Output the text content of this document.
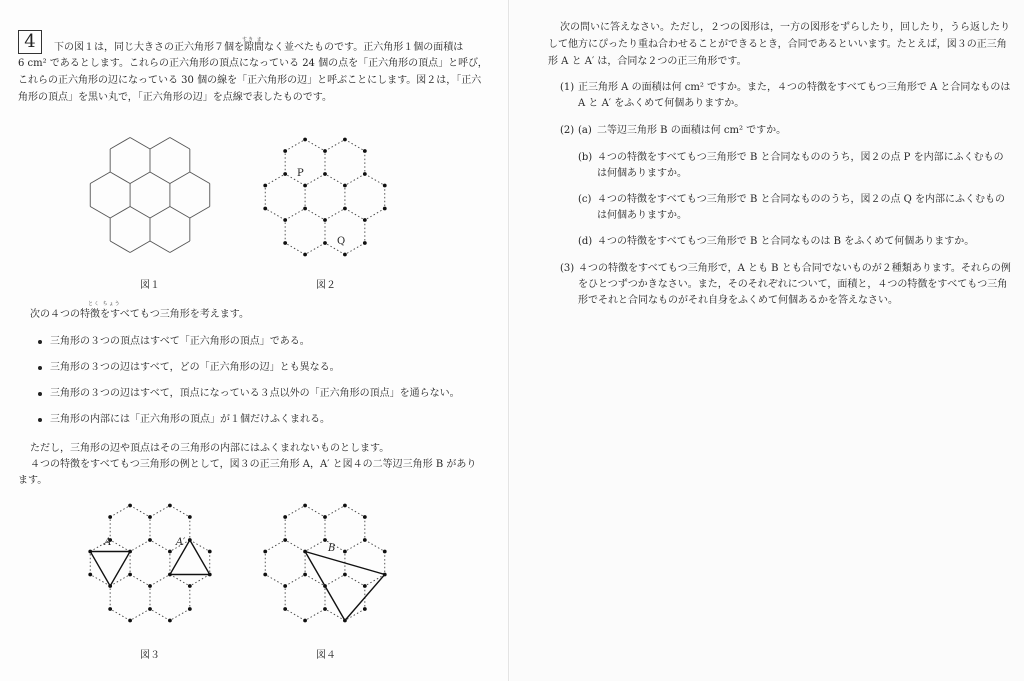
4	すき ま

下の図１は，同じ大きさの正六角形７個を隙間なく並べたものです。正六角形１個の面積は

6 cm² であるとします。これらの正六角形の頂点になっている 24 個の点を「正六角形の頂点」と呼び，

これらの正六角形の辺になっている 30 個の線を「正六角形の辺」と呼ぶことにします。図２は，「正六

角形の頂点」を黒い丸で，「正六角形の辺」を点線で表したものです。

P
Q
図１	図２
とく ちょう

次の４つの特徴をすべてもつ三角形を考えます。

三角形の３つの頂点はすべて「正六角形の頂点」である。

三角形の３つの辺はすべて，どの「正六角形の辺」とも異なる。

三角形の３つの辺はすべて，頂点になっている３点以外の「正六角形の頂点」を通らない。

三角形の内部には「正六角形の頂点」が１個だけふくまれる。

ただし，三角形の辺や頂点はその三角形の内部にはふくまれないものとします。

４つの特徴をすべてもつ三角形の例として，図３の正三角形 A，A′ と図４の二等辺三角形 B があり

ます。

A	A′
B
図３	図４

次の問いに答えなさい。ただし，２つの図形は，一方の図形をずらしたり，回したり，うら返したり

して他方にぴったり重ね合わせることができるとき，合同であるといいます。たとえば，図３の正三角

形 A と A′ は，合同な２つの正三角形です。

(1) 正三角形 A の面積は何 cm² ですか。また，４つの特徴をすべてもつ三角形で A と合同なものは

A と A′ をふくめて何個ありますか。

(2) (a) 二等辺三角形 B の面積は何 cm² ですか。

(b) ４つの特徴をすべてもつ三角形で B と合同なもののうち，図２の点 P を内部にふくむもの

は何個ありますか。

(c) ４つの特徴をすべてもつ三角形で B と合同なもののうち，図２の点 Q を内部にふくむもの

は何個ありますか。

(d) ４つの特徴をすべてもつ三角形で B と合同なものは B をふくめて何個ありますか。

(3) ４つの特徴をすべてもつ三角形で，A とも B とも合同でないものが２種類あります。それらの例

をひとつずつかきなさい。また，そのそれぞれについて，面積と，４つの特徴をすべてもつ三角

形でそれと合同なものがそれ自身をふくめて何個あるかを答えなさい。
